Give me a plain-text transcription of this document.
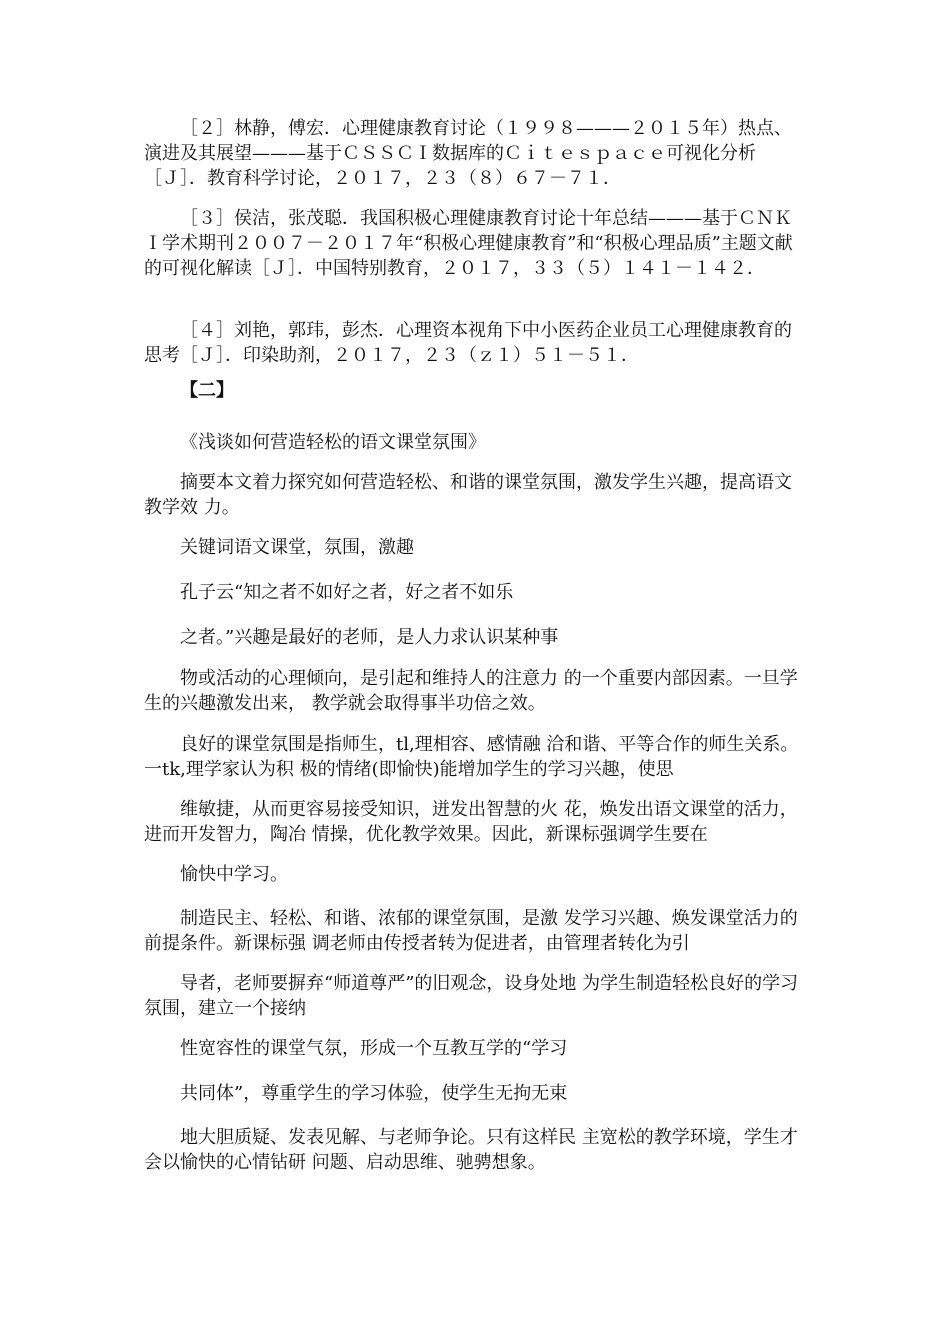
［２］林静，傅宏．心理健康教育讨论（１９９８———２０１５年）热点、演进及其展望———基于ＣＳＳＣＩ数据库的Ｃｉｔｅｓｐａｃｅ可视化分析［Ｊ］．教育科学讨论，２０１７，２３（８）６７－７１．

［３］侯洁，张茂聪．我国积极心理健康教育讨论十年总结———基于ＣＮＫＩ学术期刊２００７－２０１７年“积极心理健康教育”和“积极心理品质”主题文献的可视化解读［Ｊ］．中国特别教育，２０１７，３３（５）１４１－１４２．

［４］刘艳，郭玮，彭杰．心理资本视角下中小医药企业员工心理健康教育的思考［Ｊ］．印染助剂，２０１７，２３（ｚ１）５１－５１．

【二】

《浅谈如何营造轻松的语文课堂氛围》

摘要本文着力探究如何营造轻松、和谐的课堂氛围，激发学生兴趣，提高语文教学效 力。

关键词语文课堂，氛围，激趣

孔子云“知之者不如好之者，好之者不如乐

之者。”兴趣是最好的老师，是人力求认识某种事

物或活动的心理倾向，是引起和维持人的注意力 的一个重要内部因素。一旦学生的兴趣激发出来， 教学就会取得事半功倍之效。

良好的课堂氛围是指师生，tl,理相容、感情融 洽和谐、平等合作的师生关系。一tk,理学家认为积 极的情绪(即愉快)能增加学生的学习兴趣，使思

维敏捷，从而更容易接受知识，迸发出智慧的火 花，焕发出语文课堂的活力，进而开发智力，陶冶 情操，优化教学效果。因此，新课标强调学生要在

愉快中学习。

制造民主、轻松、和谐、浓郁的课堂氛围，是激 发学习兴趣、焕发课堂活力的前提条件。新课标强 调老师由传授者转为促进者，由管理者转化为引

导者，老师要摒弃“师道尊严”的旧观念，设身处地 为学生制造轻松良好的学习氛围，建立一个接纳

性宽容性的课堂气氛，形成一个互教互学的“学习

共同体”，尊重学生的学习体验，使学生无拘无束

地大胆质疑、发表见解、与老师争论。只有这样民 主宽松的教学环境，学生才会以愉快的心情钻研 问题、启动思维、驰骋想象。
